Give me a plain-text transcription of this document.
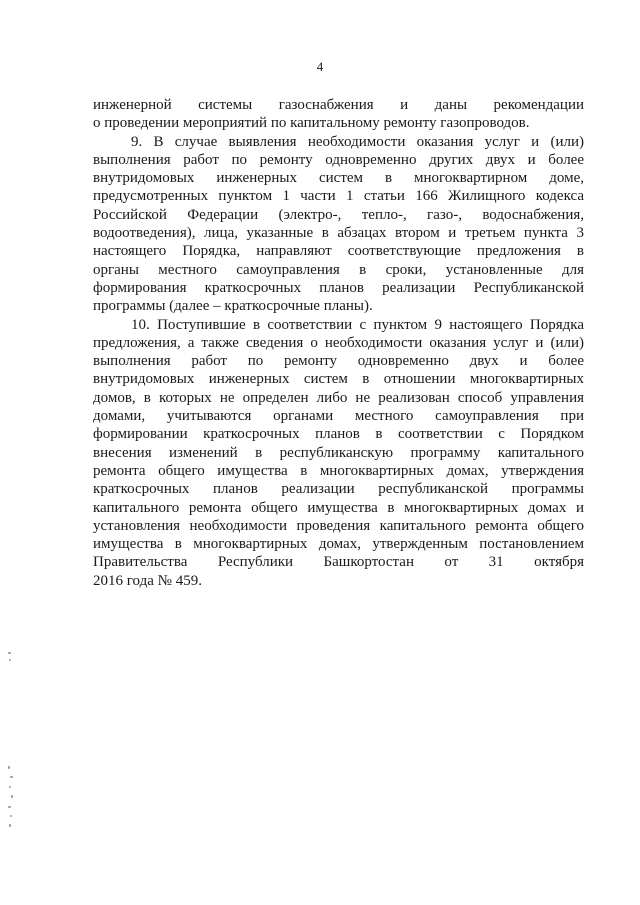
4
инженерной системы газоснабжения и даны рекомендации
о проведении мероприятий по капитальному ремонту газопроводов.
9. В случае выявления необходимости оказания услуг и (или)
выполнения работ по ремонту одновременно других двух и более
внутридомовых инженерных систем в многоквартирном доме,
предусмотренных пунктом 1 части 1 статьи 166 Жилищного кодекса
Российской Федерации (электро-, тепло-, газо-, водоснабжения,
водоотведения), лица, указанные в абзацах втором и третьем пункта 3
настоящего Порядка, направляют соответствующие предложения в
органы местного самоуправления в сроки, установленные для
формирования краткосрочных планов реализации Республиканской
программы (далее – краткосрочные планы).
10. Поступившие в соответствии с пунктом 9 настоящего Порядка
предложения, а также сведения о необходимости оказания услуг и (или)
выполнения работ по ремонту одновременно двух и более
внутридомовых инженерных систем в отношении многоквартирных
домов, в которых не определен либо не реализован способ управления
домами, учитываются органами местного самоуправления при
формировании краткосрочных планов в соответствии с Порядком
внесения изменений в республиканскую программу капитального
ремонта общего имущества в многоквартирных домах, утверждения
краткосрочных планов реализации республиканской программы
капитального ремонта общего имущества в многоквартирных домах и
установления необходимости проведения капитального ремонта общего
имущества в многоквартирных домах, утвержденным постановлением
Правительства Республики Башкортостан от 31 октября
2016 года № 459.
